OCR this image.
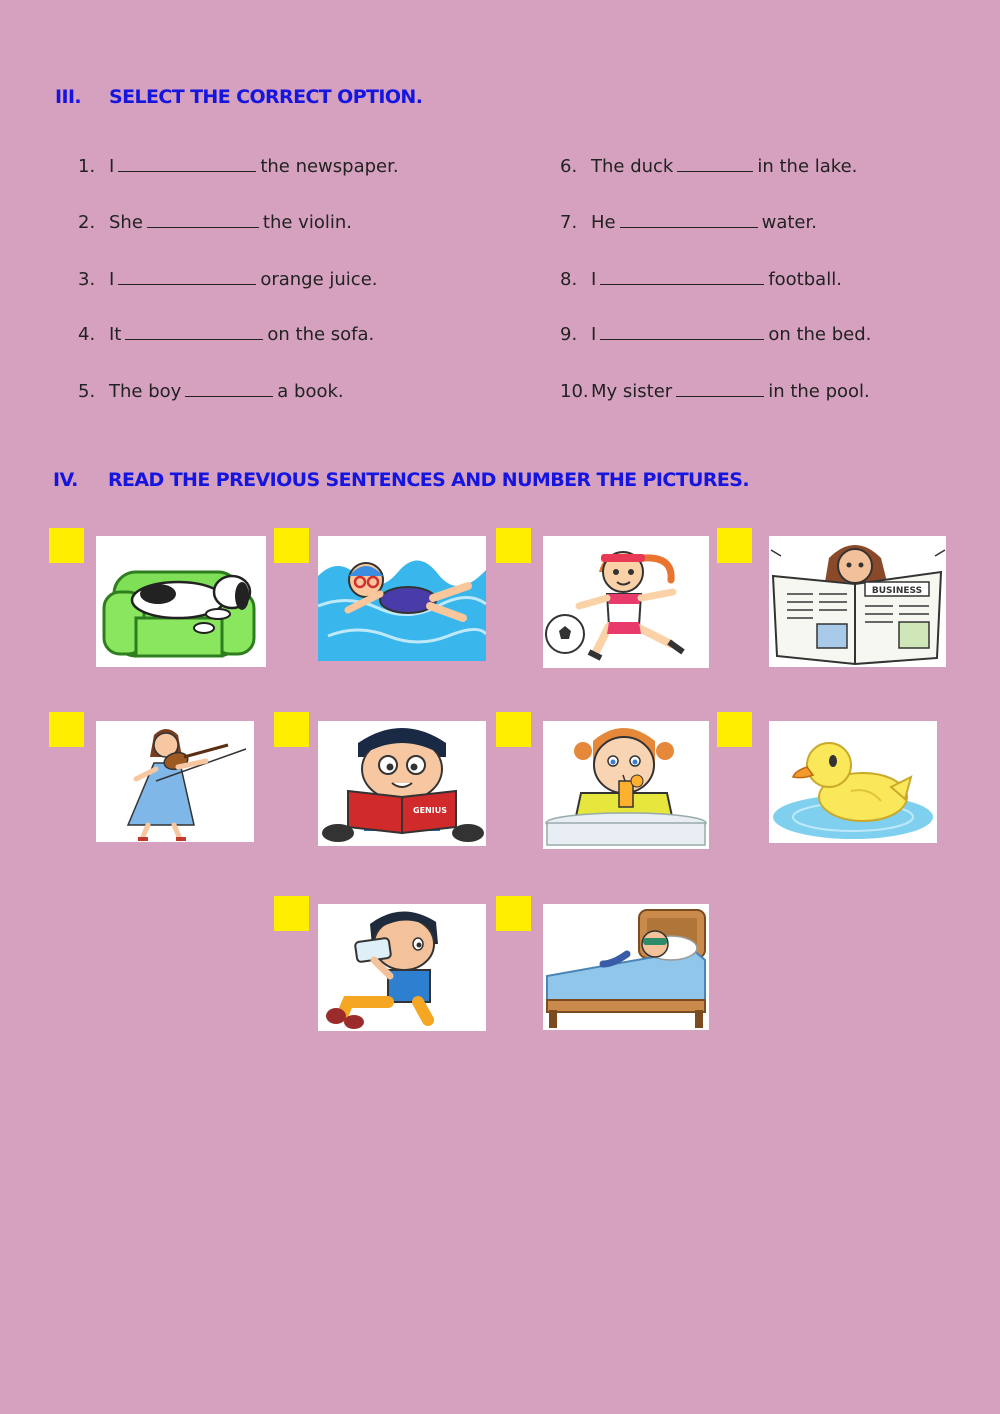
III. SELECT THE CORRECT OPTION.
1. I	the newspaper.
2. She	the violin.
3. I	orange juice.
4. It	on the sofa.
5. The boy	a book.
6. The duck	in the lake.
7. He	water.
8. I	football.
9. I	on the bed.
10. My sister	in the pool.
IV. READ THE PREVIOUS SENTENCES AND NUMBER THE PICTURES.
BUSINESS
GENIUS
